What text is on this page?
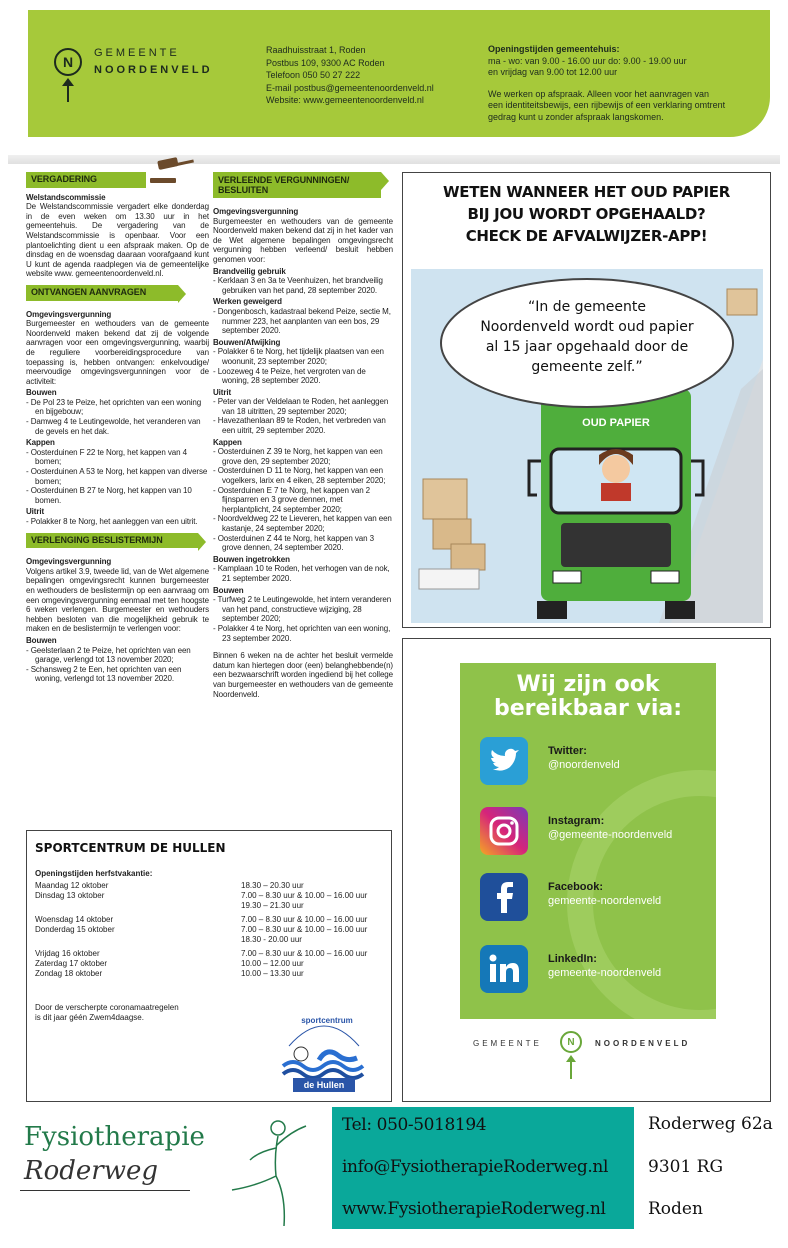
N
GEMEENTE
NOORDENVELD
Raadhuisstraat 1, Roden
Postbus 109, 9300 AC Roden
Telefoon 050 50 27 222
E-mail postbus@gemeentenoordenveld.nl
Website: www.gemeentenoordenveld.nl
Openingstijden gemeentehuis:
ma - wo: van 9.00 - 16.00 uur do: 9.00 - 19.00 uur
en vrijdag van 9.00 tot 12.00 uur
We werken op afspraak. Alleen voor het aanvragen van
een identiteitsbewijs, een rijbewijs of een verklaring omtrent
gedrag kunt u zonder afspraak langskomen.
VERGADERING
Welstandscommissie
De Welstandscommissie vergadert elke donderdag in de even weken om 13.30 uur in het gemeentehuis. De vergadering van de Welstandscommissie is openbaar. Voor een plantoelichting dient u een afspraak maken. Op de dinsdag en de woensdag daaraan voorafgaand kunt U kunt de agenda raadplegen via de gemeentelijke website www. gemeentenoordenveld.nl.
ONTVANGEN AANVRAGEN
Omgevingsvergunning
Burgemeester en wethouders van de gemeente Noordenveld maken bekend dat zij de volgende aanvragen voor een omgevingsvergunning, waarbij de reguliere voorbereidingsprocedure van toepassing is, hebben ontvangen: enkelvoudige/ meervoudige omgevingsvergunningen voor de activiteit:
Bouwen
- De Pol 23 te Peize, het oprichten van een woning en bijgebouw;
- Damweg 4 te Leutingewolde, het veranderen van de gevels en het dak.
Kappen
- Oosterduinen F 22 te Norg, het kappen van 4 bomen;
- Oosterduinen A 53 te Norg, het kappen van diverse bomen;
- Oosterduinen B 27 te Norg, het kappen van 10 bomen.
Uitrit
- Polakker 8 te Norg, het aanleggen van een uitrit.
VERLENGING BESLISTERMIJN
Omgevingsvergunning
Volgens artikel 3.9, tweede lid, van de Wet algemene bepalingen omgevingsrecht kunnen burgemeester en wethouders de beslistermijn op een aanvraag om een omgevingsvergunning eenmaal met ten hoogste 6 weken verlengen. Burgemeester en wethouders hebben besloten van die mogelijkheid gebruik te maken en de beslistermijn te verlengen voor:
Bouwen
- Geelsterlaan 2 te Peize, het oprichten van een garage, verlengd tot 13 november 2020;
- Schansweg 2 te Een, het oprichten van een woning, verlengd tot 13 november 2020.
VERLEENDE VERGUNNINGEN/ BESLUITEN
Omgevingsvergunning
Burgemeester en wethouders van de gemeente Noordenveld maken bekend dat zij in het kader van de Wet algemene bepalingen omgevingsrecht vergunning hebben verleend/ besluit hebben genomen voor:
Brandveilig gebruik
- Kerklaan 3 en 3a te Veenhuizen, het brandveilig gebruiken van het pand, 28 september 2020.
Werken geweigerd
- Dongenbosch, kadastraal bekend Peize, sectie M, nummer 223, het aanplanten van een bos, 29 september 2020.
Bouwen/Afwijking
- Polakker 6 te Norg, het tijdelijk plaatsen van een woonunit, 23 september 2020;
- Loozeweg 4 te Peize, het vergroten van de woning, 28 september 2020.
Uitrit
- Peter van der Veldelaan te Roden, het aanleggen van 18 uitritten, 29 september 2020;
- Havezathenlaan 89 te Roden, het verbreden van een uitrit, 29 september 2020.
Kappen
- Oosterduinen Z 39 te Norg, het kappen van een grove den, 29 september 2020;
- Oosterduinen D 11 te Norg, het kappen van een vogelkers, larix en 4 eiken, 28 september 2020;
- Oosterduinen E 7 te Norg, het kappen van 2 fijnsparren en 3 grove dennen, met herplantplicht, 24 september 2020;
- Noordveldweg 22 te Lieveren, het kappen van een kastanje, 24 september 2020;
- Oosterduinen Z 44 te Norg, het kappen van 3 grove dennen, 24 september 2020.
Bouwen ingetrokken
- Kamplaan 10 te Roden, het verhogen van de nok, 21 september 2020.
Bouwen
- Turfweg 2 te Leutingewolde, het intern veranderen van het pand, constructieve wijziging, 28 september 2020;
- Polakker 4 te Norg, het oprichten van een woning, 23 september 2020.
Binnen 6 weken na de achter het besluit vermelde datum kan hiertegen door (een) belanghebbende(n) een bezwaarschrift worden ingediend bij het college van burgemeester en wethouders van de gemeente Noordenveld.
WETEN WANNEER HET OUD PAPIER
BIJ JOU WORDT OPGEHAALD?
CHECK DE AFVALWIJZER-APP!
“In de gemeente
Noordenveld wordt oud papier
al 15 jaar opgehaald door de
gemeente zelf.”
OUD PAPIER
Wij zijn ook
bereikbaar via:
Twitter:
@noordenveld
Instagram:
@gemeente-noordenveld
Facebook:
gemeente-noordenveld
LinkedIn:
gemeente-noordenveld
GEMEENTE	N	NOORDENVELD
SPORTCENTRUM DE HULLEN
Openingstijden herfstvakantie:
Maandag 12 oktober	18.30 – 20.30 uur
Dinsdag 13 oktober	7.00 – 8.30 uur & 10.00 – 16.00 uur
19.30 – 21.30 uur
Woensdag 14 oktober	7.00 – 8.30 uur & 10.00 – 16.00 uur
Donderdag 15 oktober	7.00 – 8.30 uur & 10.00 – 16.00 uur
18.30 - 20.00 uur
Vrijdag 16 oktober	7.00 – 8.30 uur & 10.00 – 16.00 uur
Zaterdag 17 oktober	10.00 – 12.00 uur
Zondag 18 oktober	10.00 – 13.30 uur
Door de verscherpte coronamaatregelen
is dit jaar géén Zwem4daagse.	sportcentrum
de Hullen
Fysiotherapie
Roderweg
Tel: 050-5018194
info@FysiotherapieRoderweg.nl
www.FysiotherapieRoderweg.nl
Roderweg 62a
9301 RG
Roden
